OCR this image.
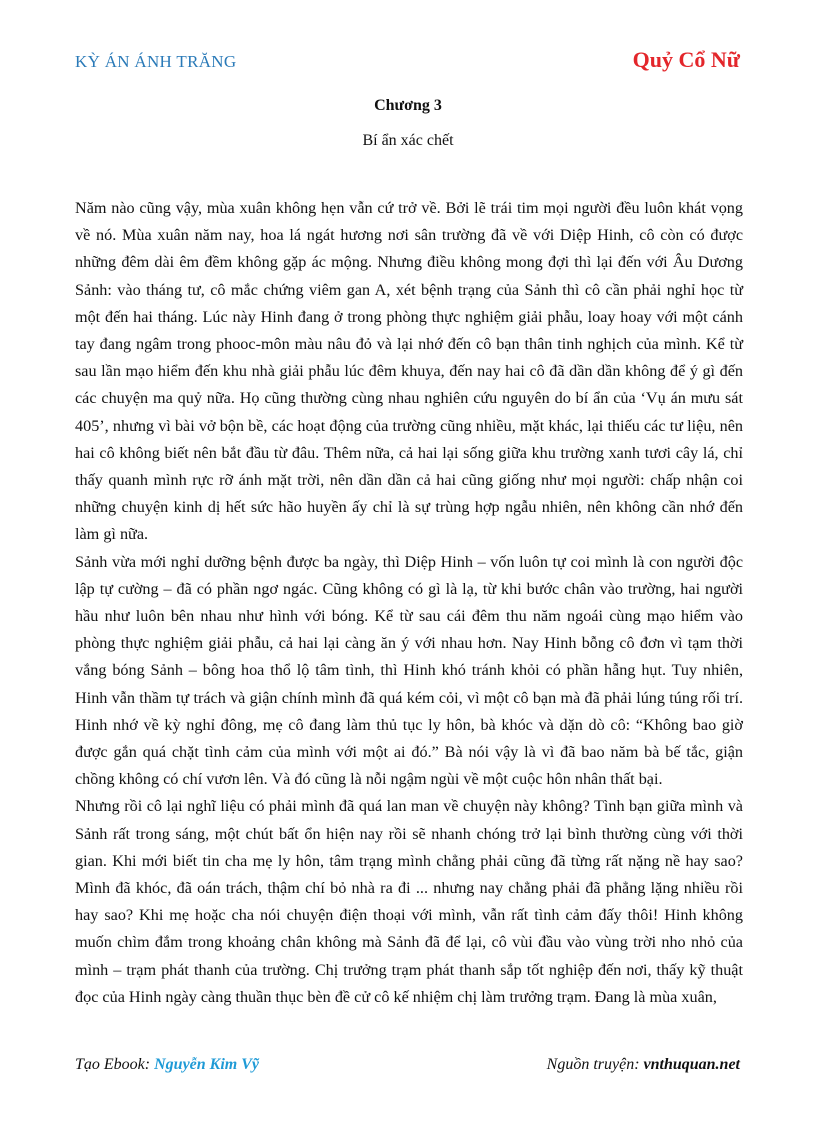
KỲ ÁN ÁNH TRĂNG	Quỷ Cổ Nữ
Chương 3
Bí ẩn xác chết

Năm nào cũng vậy, mùa xuân không hẹn vẫn cứ trở về. Bởi lẽ trái tim mọi người đều luôn khát vọng về nó. Mùa xuân năm nay, hoa lá ngát hương nơi sân trường đã về với Diệp Hinh, cô còn có được những đêm dài êm đềm không gặp ác mộng. Nhưng điều không mong đợi thì lại đến với Âu Dương Sảnh: vào tháng tư, cô mắc chứng viêm gan A, xét bệnh trạng của Sảnh thì cô cần phải nghỉ học từ một đến hai tháng. Lúc này Hinh đang ở trong phòng thực nghiệm giải phẫu, loay hoay với một cánh tay đang ngâm trong phooc-môn màu nâu đỏ và lại nhớ đến cô bạn thân tinh nghịch của mình. Kể từ sau lần mạo hiểm đến khu nhà giải phẫu lúc đêm khuya, đến nay hai cô đã dần dần không để ý gì đến các chuyện ma quỷ nữa. Họ cũng thường cùng nhau nghiên cứu nguyên do bí ẩn của ‘Vụ án mưu sát 405’, nhưng vì bài vở bộn bề, các hoạt động của trường cũng nhiều, mặt khác, lại thiếu các tư liệu, nên hai cô không biết nên bắt đầu từ đâu. Thêm nữa, cả hai lại sống giữa khu trường xanh tươi cây lá, chỉ thấy quanh mình rực rỡ ánh mặt trời, nên dần dần cả hai cũng giống như mọi người: chấp nhận coi những chuyện kinh dị hết sức hão huyền ấy chỉ là sự trùng hợp ngẫu nhiên, nên không cần nhớ đến làm gì nữa.

Sảnh vừa mới nghỉ dưỡng bệnh được ba ngày, thì Diệp Hinh – vốn luôn tự coi mình là con người độc lập tự cường – đã có phần ngơ ngác. Cũng không có gì là lạ, từ khi bước chân vào trường, hai người hầu như luôn bên nhau như hình với bóng. Kể từ sau cái đêm thu năm ngoái cùng mạo hiểm vào phòng thực nghiệm giải phẫu, cả hai lại càng ăn ý với nhau hơn. Nay Hinh bỗng cô đơn vì tạm thời vắng bóng Sảnh – bông hoa thổ lộ tâm tình, thì Hinh khó tránh khỏi có phần hẫng hụt. Tuy nhiên, Hinh vẫn thầm tự trách và giận chính mình đã quá kém cỏi, vì một cô bạn mà đã phải lúng túng rối trí. Hinh nhớ về kỳ nghỉ đông, mẹ cô đang làm thủ tục ly hôn, bà khóc và dặn dò cô: “Không bao giờ được gắn quá chặt tình cảm của mình với một ai đó.” Bà nói vậy là vì đã bao năm bà bế tắc, giận chồng không có chí vươn lên. Và đó cũng là nỗi ngậm ngùi về một cuộc hôn nhân thất bại.

Nhưng rồi cô lại nghĩ liệu có phải mình đã quá lan man về chuyện này không? Tình bạn giữa mình và Sảnh rất trong sáng, một chút bất ổn hiện nay rồi sẽ nhanh chóng trở lại bình thường cùng với thời gian. Khi mới biết tin cha mẹ ly hôn, tâm trạng mình chẳng phải cũng đã từng rất nặng nề hay sao? Mình đã khóc, đã oán trách, thậm chí bỏ nhà ra đi ... nhưng nay chẳng phải đã phẳng lặng nhiều rồi hay sao? Khi mẹ hoặc cha nói chuyện điện thoại với mình, vẫn rất tình cảm đấy thôi! Hinh không muốn chìm đắm trong khoảng chân không mà Sảnh đã để lại, cô vùi đầu vào vùng trời nho nhỏ của mình – trạm phát thanh của trường. Chị trưởng trạm phát thanh sắp tốt nghiệp đến nơi, thấy kỹ thuật đọc của Hinh ngày càng thuần thục bèn đề cử cô kế nhiệm chị làm trưởng trạm. Đang là mùa xuân,

Tạo Ebook: Nguyễn Kim Vỹ	Nguồn truyện: vnthuquan.net
